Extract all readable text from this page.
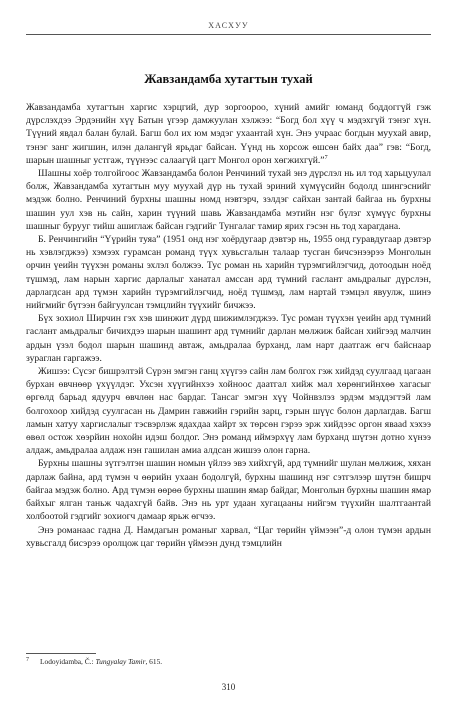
ХАСХУУ
Жавзандамба хутагтын тухай

Жавзандамба хутагтын харгис хэрцгий, дур зоргоороо, хүний амийг юманд боддоггүй гэж дүрслэхдээ Эрдэнийн хүү Батын үгээр дамжуулан хэлжээ: “Богд бол хүү ч мэдэхгүй тэнэг хүн. Түүний явдал балан булай. Багш бол их юм мэдэг ухаантай хүн. Энэ учраас богдын муухай авир, тэнэг занг жигшин, илэн далангүй ярьдаг байсан. Үүнд нь хорсож өшсөн байх даа” гэв: “Богд, шарын шашныг устгаж, түүнээс салаагүй цагт Монгол орон хөгжихгүй.”$^7$

Шашны хоёр толгойгоос Жавзандамба болон Ренчиний тухай энэ дүрслэл нь ил тод харьцуулал болж, Жавзандамба хутагтын муу муухай дүр нь тухай эриний хүмүүсийн бодолд шингэснийг мэдэж болно. Ренчиний бурхны шашны номд нэвтэрч, зэлдэг сайхан зантай байгаа нь бурхны шашин уул хэв нь сайн, харин түүний шавь Жавзандамба мэтийн нэг бүлэг хүмүүс бурхны шашныг бурууг тийш ашиглаж байсан гэдгийг Тунгалаг тамир ярих гэсэн нь тод харагдана.

Б. Ренчингийн “Үүрийн туяа” (1951 онд нэг хоёрдугаар дэвтэр нь, 1955 онд гуравдугаар дэвтэр нь хэвлэгджээ) хэмээх гурамсан романд түүх хувьсгалын талаар тусган бичсэнээрээ Монголын орчин үеийн түүхэн романы эхлэл болжээ. Тус роман нь харийн түрэмгийлэгчид, дотоодын ноёд түшмэд, лам нарын харгис дарлалыг ханатал амссан ард түмний гаслант амьдралыг дүрслэн, дарлагдсан ард түмэн харийн түрэмгийлэгчид, ноёд түшмэд, лам нартай тэмцэл явуулж, шинэ нийгмийг бүтээн байгуулсан тэмцлийн түүхийг бичжээ.

Бүх зохиол Ширчин гэх хэв шинжит дүрд шижимлэгджээ. Тус роман түүхэн үеийн ард түмний гаслант амьдралыг бичихдээ шарын шашинт ард түмнийг дарлан мөлжиж байсан хийгээд малчин ардын үзэл бодол шарын шашинд автаж, амьдралаа бурханд, лам нарт даатгаж өгч байснаар зураглан гаргажээ.

Жишээ: Сүсэг бишрэлтэй Сүрэн эмгэн ганц хүүгээ сайн лам болгох гэж хийдэд суулгаад цагаан бурхан өвчнөөр үхүүлдэг. Ухсэн хүүгийнхээ хойноос даатгал хийж мал хөрөнгийнхөө хагасыг өргөлд барьад ядуурч өвчлөн нас бардаг. Тансаг эмгэн хүү Чойнвзлэз эрдэм мэддэгтэй лам болгохоор хийдэд суулгасан нь Дамрин гавжийн гэрийн зарц, гэрын шүүс болон дарлагдав. Багш ламын хатуу харгислалыг тэсвэрлэж ядахдаа хайрт эх төрсөн гэрээ эрж хийдээс оргон явааd хэхээ өвөл остож хөэрйин нохойн идэш болдог. Энэ романд иймэрхүү лам бурханд шүтэн дотно хүнээ алдаж, амьдралаа алдаж нэн гашилан амиа алдсан жишээ олон гарна.

Бурхны шашны зүтгэлтэн шашин номын үйлээ эвэ хийхгүй, ард түмнийг шулан мөлжиж, хяхан дарлаж байна, ард түмэн ч өөрийн ухаан бодолгүй, бурхны шашинд нэг сэтгэлээр шүтэн бишрч байгаа мэдэж болно. Ард түмэн өөрөө бурхны шашин ямар байдаг, Монголын бурхны шашин ямар байхыг ялган таньж чадахгүй байв. Энэ нь урт удаан хугацааны нийгэм түүхийн шалтгаантай холбоотой гэдгийг зохиогч дамаар ярьж өгчээ.

Энэ романаас гадна Д. Намдагын романыг харвал, “Цаг төрийн үймээн”-д олон түмэн ардын хувьсгалд бисэрээ оролцож цаг төрийн үймээн дунд тэмцлийн

7 Lodoyidamba, Č.: Tungyalay Tamir, 615.
310
